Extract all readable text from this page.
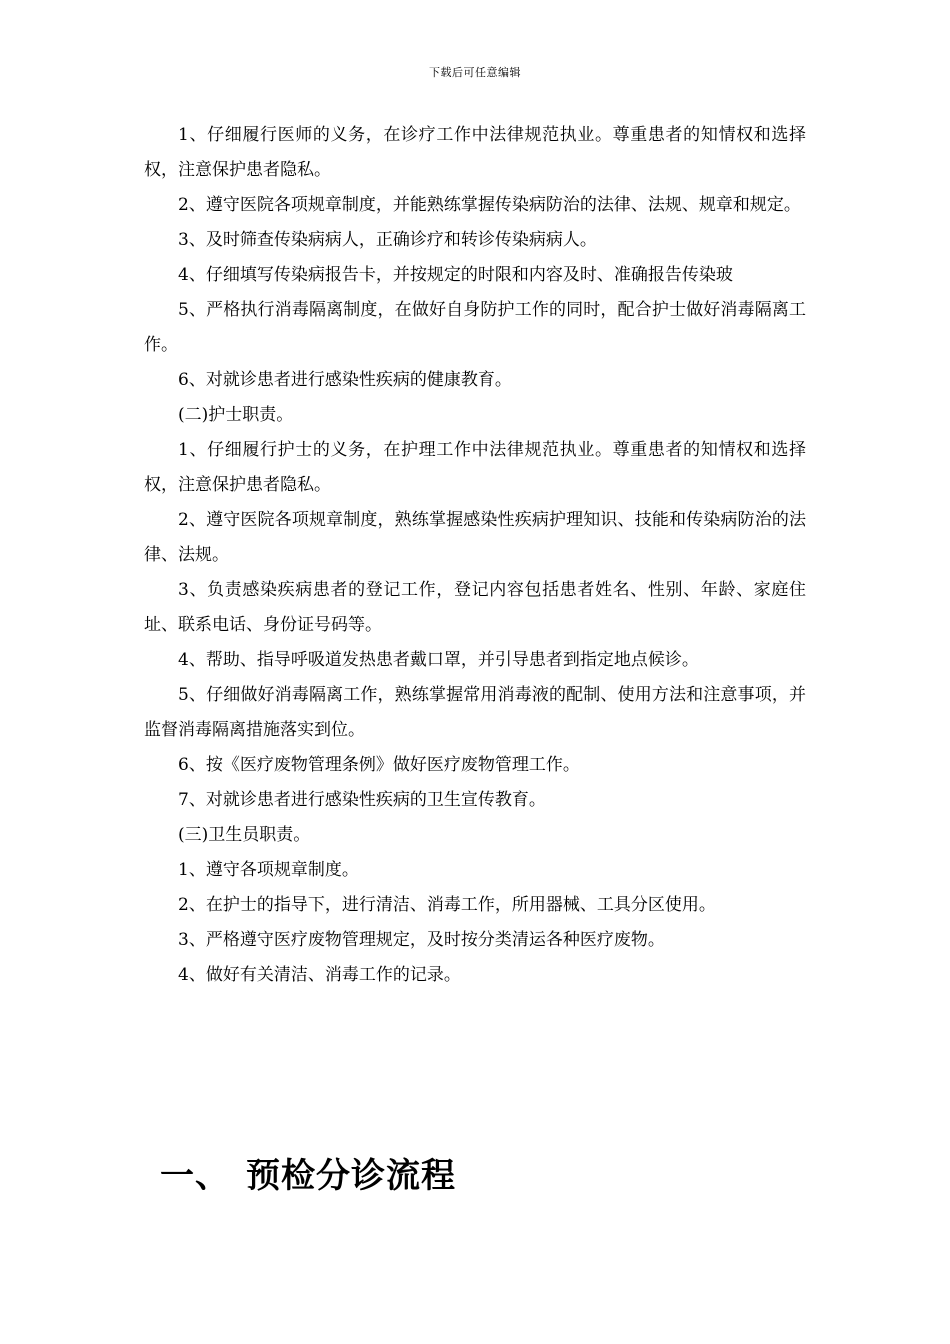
下载后可任意编辑

1、仔细履行医师的义务，在诊疗工作中法律规范执业。尊重患者的知情权和选择权，注意保护患者隐私。

2、遵守医院各项规章制度，并能熟练掌握传染病防治的法律、法规、规章和规定。

3、及时筛查传染病病人，正确诊疗和转诊传染病病人。

4、仔细填写传染病报告卡，并按规定的时限和内容及时、准确报告传染玻

5、严格执行消毒隔离制度，在做好自身防护工作的同时，配合护士做好消毒隔离工作。

6、对就诊患者进行感染性疾病的健康教育。

(二)护士职责。

1、仔细履行护士的义务，在护理工作中法律规范执业。尊重患者的知情权和选择权，注意保护患者隐私。

2、遵守医院各项规章制度，熟练掌握感染性疾病护理知识、技能和传染病防治的法律、法规。

3、负责感染疾病患者的登记工作，登记内容包括患者姓名、性别、年龄、家庭住址、联系电话、身份证号码等。

4、帮助、指导呼吸道发热患者戴口罩，并引导患者到指定地点候诊。

5、仔细做好消毒隔离工作，熟练掌握常用消毒液的配制、使用方法和注意事项，并监督消毒隔离措施落实到位。

6、按《医疗废物管理条例》做好医疗废物管理工作。

7、对就诊患者进行感染性疾病的卫生宣传教育。

(三)卫生员职责。

1、遵守各项规章制度。

2、在护士的指导下，进行清洁、消毒工作，所用器械、工具分区使用。

3、严格遵守医疗废物管理规定，及时按分类清运各种医疗废物。

4、做好有关清洁、消毒工作的记录。

一、 预检分诊流程
